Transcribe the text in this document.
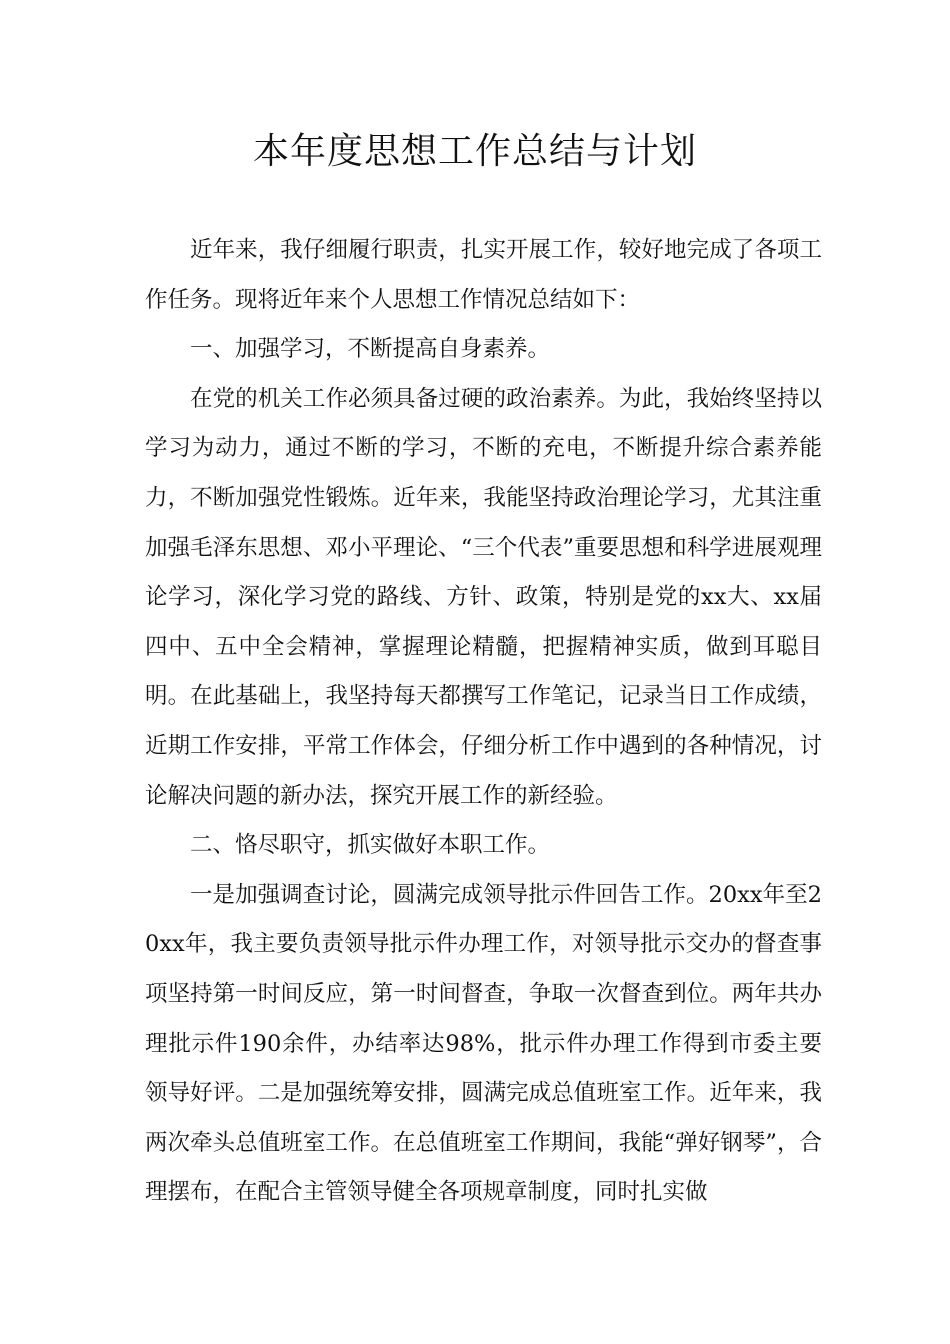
本年度思想工作总结与计划

近年来，我仔细履行职责，扎实开展工作，较好地完成了各项工作任务。现将近年来个人思想工作情况总结如下：

一、加强学习，不断提高自身素养。

在党的机关工作必须具备过硬的政治素养。为此，我始终坚持以学习为动力，通过不断的学习，不断的充电，不断提升综合素养能力，不断加强党性锻炼。近年来，我能坚持政治理论学习，尤其注重加强毛泽东思想、邓小平理论、“三个代表”重要思想和科学进展观理论学习，深化学习党的路线、方针、政策，特别是党的xx大、xx届四中、五中全会精神，掌握理论精髓，把握精神实质，做到耳聪目明。在此基础上，我坚持每天都撰写工作笔记，记录当日工作成绩，近期工作安排，平常工作体会，仔细分析工作中遇到的各种情况，讨论解决问题的新办法，探究开展工作的新经验。

二、恪尽职守，抓实做好本职工作。

一是加强调查讨论，圆满完成领导批示件回告工作。20xx年至20xx年，我主要负责领导批示件办理工作，对领导批示交办的督查事项坚持第一时间反应，第一时间督查，争取一次督查到位。两年共办理批示件190余件，办结率达98%，批示件办理工作得到市委主要领导好评。二是加强统筹安排，圆满完成总值班室工作。近年来，我两次牵头总值班室工作。在总值班室工作期间，我能“弹好钢琴”，合理摆布，在配合主管领导健全各项规章制度，同时扎实做
